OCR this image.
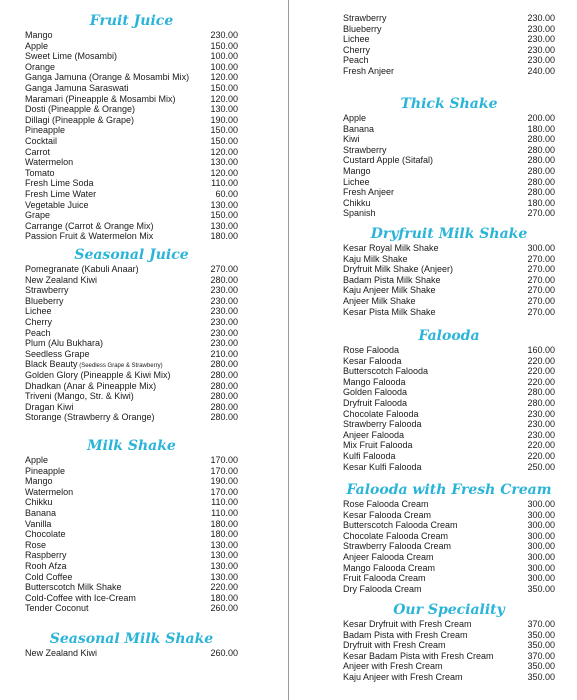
Fruit Juice
Mango	230.00
Apple	150.00
Sweet Lime (Mosambi)	100.00
Orange	100.00
Ganga Jamuna (Orange & Mosambi Mix) 120.00
Ganga Jamuna Saraswati	150.00
Maramari (Pineapple & Mosambi Mix)	120.00
Dosti (Pineapple & Orange)	130.00
Dillagi (Pineapple & Grape)	190.00
Pineapple	150.00
Cocktail	150.00
Carrot	120.00
Watermelon	130.00
Tomato	120.00
Fresh Lime Soda	110.00
Fresh Lime Water	60.00
Vegetable Juice	130.00
Grape	150.00
Carrange (Carrot & Orange Mix)	130.00
Passion Fruit & Watermelon Mix	180.00
Seasonal Juice
Pomegranate (Kabuli Anaar)	270.00
New Zealand Kiwi	280.00
Strawberry	230.00
Blueberry	230.00
Lichee	230.00
Cherry	230.00
Peach	230.00
Plum (Alu Bukhara)	230.00
Seedless Grape	210.00
Black Beauty (Seedless Grape & Strawberry)	280.00
Golden Glory (Pineapple & Kiwi Mix)	280.00
Dhadkan (Anar & Pineapple Mix)	280.00
Triveni (Mango, Str. & Kiwi)	280.00
Dragan Kiwi	280.00
Storange (Strawberry & Orange)	280.00
Milk Shake
Apple	170.00
Pineapple	170.00
Mango	190.00
Watermelon	170.00
Chikku	110.00
Banana	110.00
Vanilla	180.00
Chocolate	180.00
Rose	130.00
Raspberry	130.00
Rooh Afza	130.00
Cold Coffee	130.00
Butterscotch Milk Shake	220.00
Cold-Coffee with Ice-Cream	180.00
Tender Coconut	260.00
Seasonal Milk Shake
New Zealand Kiwi	260.00
Strawberry	230.00
Blueberry	230.00
Lichee	230.00
Cherry	230.00
Peach	230.00
Fresh Anjeer	240.00
Thick Shake
Apple	200.00
Banana	180.00
Kiwi	280.00
Strawberry	280.00
Custard Apple (Sitafal)	280.00
Mango	280.00
Lichee	280.00
Fresh Anjeer	280.00
Chikku	180.00
Spanish	270.00
Dryfruit Milk Shake
Kesar Royal Milk Shake	300.00
Kaju Milk Shake	270.00
Dryfruit Milk Shake (Anjeer)	270.00
Badam Pista Milk Shake	270.00
Kaju Anjeer Milk Shake	270.00
Anjeer Milk Shake	270.00
Kesar Pista Milk Shake	270.00
Falooda
Rose Falooda	160.00
Kesar Falooda	220.00
Butterscotch Falooda	220.00
Mango Falooda	220.00
Golden Falooda	280.00
Dryfruit Falooda	280.00
Chocolate Falooda	230.00
Strawberry Falooda	230.00
Anjeer Falooda	230.00
Mix Fruit Falooda	220.00
Kulfi Falooda	220.00
Kesar Kulfi Falooda	250.00
Falooda with Fresh Cream
Rose Falooda Cream	300.00
Kesar Falooda Cream	300.00
Butterscotch Falooda Cream	300.00
Chocolate Falooda Cream	300.00
Strawberry Falooda Cream	300.00
Anjeer Falooda Cream	300.00
Mango Falooda Cream	300.00
Fruit Falooda Cream	300.00
Dry Falooda Cream	350.00
Our Speciality
Kesar Dryfruit with Fresh Cream	370.00
Badam Pista with Fresh Cream	350.00
Dryfruit with Fresh Cream	350.00
Kesar Badam Pista with Fresh Cream	370.00
Anjeer with Fresh Cream	350.00
Kaju Anjeer with Fresh Cream	350.00
